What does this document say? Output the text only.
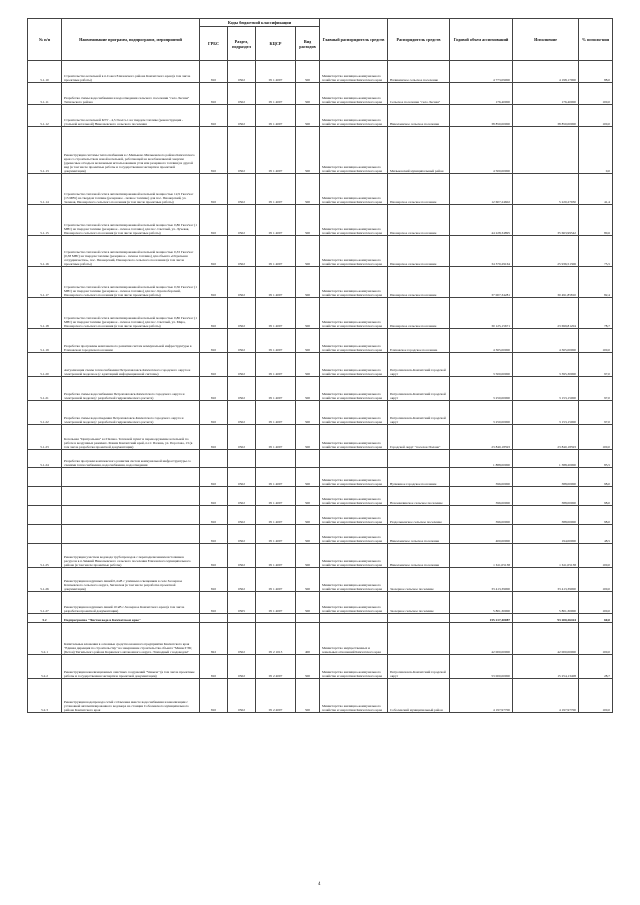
№ п/п	Наименование программ, подпрограмм, мероприятий	Коды бюджетной классификации				Главный распорядитель средств	Распорядитель средств	Годовой объем ассигнований	Исполнение	% исполн-ния
		ГРБС	Раздел, подраздел	КЦСР	Вид расходов					
5.1.10	Строительство котельной в п.Сокоч Елизовского района Камчатского края (в том числе проектные работы)	810	0502	05 1 4007	500	Министерство жилищно-коммунального хозяйства и энергетики Камчатского края	Начикинское сельское поселение	4 773,09000	4 198,17900	88,0
5.1.11	Разработка схемы водоснабжения и водоотведения сельского поселения "село Лесная" Тигильского района	810	0502	05 1 4007	500	Министерство жилищно-коммунального хозяйства и энергетики Камчатского края	Сельское поселение "село Лесная"	176,40000	176,40000	100,0
5.1.12	Строительство котельной КТУ - 4,5 Гкал/ч-1 на твердом топливе (реконструкция - угольной котельной) Николаевского сельского поселения	810	0502	05 1 4007	500	Министерство жилищно-коммунального хозяйства и энергетики Камчатского края	Николаевское сельское поселение	38 850,00000	38 850,00000	100,0
5.1.13	Реконструкция системы теплоснабжения в с.Мильково Мильковского района Камчатского края со строительством новой котельной, работающей на возобновляемой энергии (древесные отходы и возможным использованием угля или резервного топлива) и другой вид (в том числе проектные работы и государственная экспертиза проектной документации)	810	0502	05 1 4007	500	Министерство жилищно-коммунального хозяйства и энергетики Камчатского края	Мильковский муниципальный район	4 500,00000		0,0
5.1.14	Строительство тепловой сети в автоматизированной котельной мощностью 12,9 Гкал/час (15 МВт) на твердом топливе (резервное - печное топливо) для пос. Пионерский, ул. Зеленая, Пионерского сельского поселения (в том числе проектные работы)	810	0502	05 1 4007	500	Министерство жилищно-коммунального хозяйства и энергетики Камчатского края	Пионерское сельское поселение	12 607,24602	5 220,27930	41,4
5.1.15	Строительство тепловой сети в автоматизированной котельной мощностью 0,86 Гкал/час (1 МВт) на твердом топливе (резервное - печное топливо) для пос. Светлый, ул. Лучевая, Пионерского сельского поселения (в том числе проектные работы)	810	0502	05 1 4007	500	Министерство жилищно-коммунального хозяйства и энергетики Камчатского края	Пионерское сельское поселение	44 228,34895	35 663,99542	80,6
5.1.16	Строительство тепловой сети в автоматизированной котельной мощностью 0,33 Гкал/час (0,38 МВт) на твердом топливе (резервное - печное топливо) для объекта «Отдельная сотрудничества», пос. Пионерский, Пионерского сельского поселения (в том числе проектные работы)	810	0502	05 1 4007	500	Министерство жилищно-коммунального хозяйства и энергетики Камчатского края	Пионерское сельское поселение	34 370,29164	25 936,51306	75,5
5.1.17	Строительство тепловой сети в автоматизированной котельной мощностью 0,56 Гкал/час (1 МВт) на твердом топливе (резервное - печное топливо) для пос. Красноборский, Пионерского сельского поселения (в том числе проектные работы)	810	0502	05 1 4007	500	Министерство жилищно-коммунального хозяйства и энергетики Камчатского края	Пионерское сельское поселение	37 007,34281	30 491,85810	82,4
5.1.18	Строительство тепловой сети в автоматизированной котельной мощностью 0,86 Гкал/час (1 МВт) на твердом топливе (резервное - печное топливо) для пос. Светлый, ул. Мира, Пионерского сельского поселения (в том числе проектные работы)	810	0502	05 1 4007	500	Министерство жилищно-коммунального хозяйства и энергетики Камчатского края	Пионерское сельское поселение	30 125,15671	23 699,81204	78,7
5.1.19	Разработка программы комплексного развития систем коммунальной инфраструктуры в Елизовском городском поселении	810	0502	05 1 4007	500	Министерство жилищно-коммунального хозяйства и энергетики Камчатского края	Елизовское городское поселение	4 365,00000	4 365,00000	100,0
5.1.20	Актуализация схемы теплоснабжения Петропавловск-Камчатского городского округа и электронной модели ее (с адаптацией информационной системы)	810	0502	05 1 4007	500	Министерство жилищно-коммунального хозяйства и энергетики Камчатского края	Петропавловск-Камчатский городской округ	3 500,00000	3 395,30000	97,0
5.1.21	Разработка схемы водоснабжения Петропавловск-Камчатского городского округа и электронной модели (с разработкой гидравлического расчета)	810	0502	05 1 4007	500	Министерство жилищно-коммунального хозяйства и энергетики Камчатского края	Петропавловск-Камчатский городской округ	3 250,00000	3 153,15000	97,0
5.1.22	Разработка схемы водоотведения Петропавловск-Камчатского городского округа и электронной модели (с разработкой гидравлического расчета)	810	0502	05 1 4007	500	Министерство жилищно-коммунального хозяйства и энергетики Камчатского края	Петропавловск-Камчатский городской округ	3 250,00000	3 153,15000	97,0
5.1.23	Котельная "Центральная" в г.Палана. Тепловой пункт и перевооружение котельной по работе в воздушных режимах. Режим Камчатский край, п.г.т. Палана, ул. Поротова, 13 (в том числе разработка проектной документации)	810	0502	05 1 4007	500	Министерство жилищно-коммунального хозяйства и энергетики Камчатского края	Городской округ "поселок Палана"	23 840,18593	23 840,18593	100,0
5.1.24	Разработка программ комплексного развития систем коммунальной инфраструктуры со схемами теплоснабжения, водоснабжения, водоотведения							1 888,00000	1 388,20000	85,5
		810	0502	05 1 4007	500	Министерство жилищно-коммунального хозяйства и энергетики Камчатского края	Вулканное городское поселение	396,00000	388,00000	98,0
		810	0502	05 1 4007	500	Министерство жилищно-коммунального хозяйства и энергетики Камчатского края	Новоавачинское сельское поселение	396,00000	388,00000	98,0
		810	0502	05 1 4007	500	Министерство жилищно-коммунального хозяйства и энергетики Камчатского края	Раздольненское сельское поселение	396,00000	388,00000	98,0
		810	0502	05 1 4007	500	Министерство жилищно-коммунального хозяйства и энергетики Камчатского края	Николаевское сельское поселение	400,00000	194,00000	48,5
5.1.25	Реконструкция участков водовода трубопроводов с переподключением источников ресурсов в п.Зимний Николаевского сельского поселения Елизовского муниципального района (в том числе проектные работы)	810	0502	05 1 4007	500	Министерство жилищно-коммунального хозяйства и энергетики Камчатского края	Николаевское сельское поселение	1 611,05138	1 611,05138	100,0
5.1.26	Реконструкция воздушных линий 0,4 кВ с уличным освещением в селе Заозерное Ключевского сельского округа, Зиганская (в том числе разработка проектной документации)	810	0502	05 1 4007	500	Министерство жилищно-коммунального хозяйства и энергетики Камчатского края	Заозерное сельское поселение	33 413,39000	33 413,39000	100,0
5.1.27	Реконструкция воздушных линий 10 кВ с.Заозерное Камчатского края (в том числе разработка проектной документации)	810	0505	05 1 4007	500	Министерство жилищно-коммунального хозяйства и энергетики Камчатского края	Заозерное сельское поселение	5 801,30000	5 801,30000	100,0
5.2	Подпрограмма "Чистая вода в Камчатском крае"							155 217,40087	93 200,26424	60,0
5.2.1	Капитальные вложения в основные средства казенного предприятия Камчатского края "Единая дирекция по строительству" на завершение строительства объекта "Мини-ТЭЦ (Бетон) Тигильского района Корякского автономного округа. Эпизодный с водоводом"	822	0502	05 2 1013	400	Министерство имущественных и земельных отношений Камчатского края		42 000,00000	42 000,00000	100,0
5.2.2	Реконструкция канализационных очистных сооружений "Чавыча" (в том числе проектные работы и государственная экспертиза проектной документации)	810	0502	05 2 4007	500	Министерство жилищно-коммунального хозяйства и энергетики Камчатского края	Петропавловск-Камчатский городской округ	53 000,00000	15 254,13408	28,7
5.2.3	Реконструкция водопровода сетей с.Ольховка вместе водоснабжения и канализации с установкой автоматизированного водомера на станции Соболевского муниципального района Камчатского края	810	0502	05 2 4007	500	Министерство жилищно-коммунального хозяйства и энергетики Камчатского края	Соболевский муниципальный район	4 197,97700	4 197,97700	100,0
4
